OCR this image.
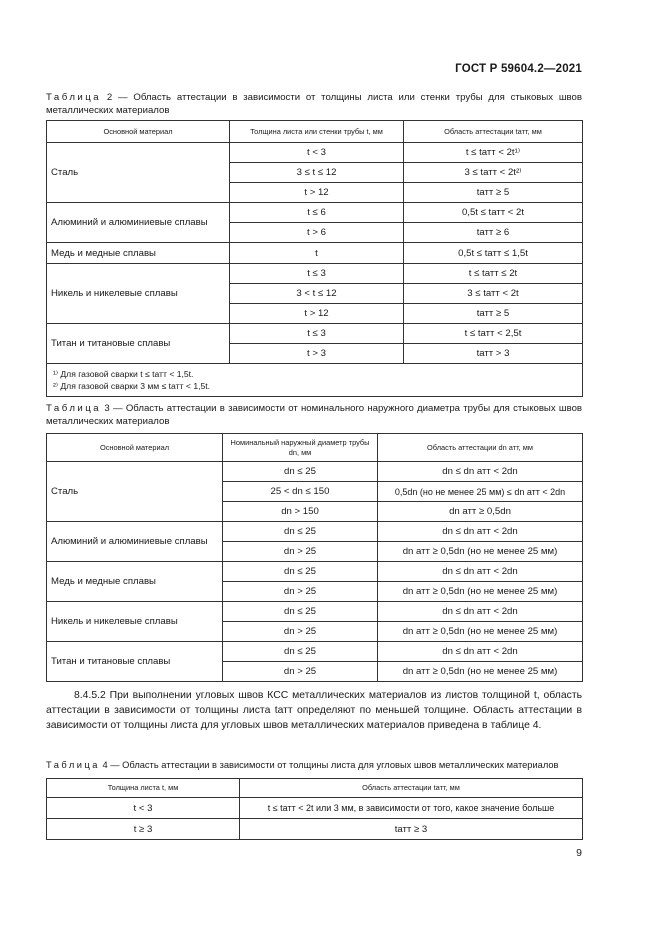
ГОСТ Р 59604.2—2021
Таблица 2 — Область аттестации в зависимости от толщины листа или стенки трубы для стыковых швов металлических материалов
Основной материал	Толщина листа или стенки трубы t, мм	Область аттестации tатт, мм
Сталь	t < 3	t ≤ tатт < 2t¹⁾
	3 ≤ t ≤ 12	3 ≤ tатт < 2t²⁾
	t > 12	tатт ≥ 5
Алюминий и алюминиевые сплавы	t ≤ 6	0,5t ≤ tатт < 2t
	t > 6	tатт ≥ 6
Медь и медные сплавы	t	0,5t ≤ tатт ≤ 1,5t
Никель и никелевые сплавы	t ≤ 3	t ≤ tатт ≤ 2t
	3 < t ≤ 12	3 ≤ tатт < 2t
	t > 12	tатт ≥ 5
Титан и титановые сплавы	t ≤ 3	t ≤ tатт < 2,5t
	t > 3	tатт > 3

¹⁾ Для газовой сварки t ≤ tатт < 1,5t.
²⁾ Для газовой сварки 3 мм ≤ tатт < 1,5t.		
Таблица 3 — Область аттестации в зависимости от номинального наружного диаметра трубы для стыковых швов металлических материалов
Основной материал	Номинальный наружный диаметр трубы dn, мм	Область аттестации dn атт, мм
Сталь	dn ≤ 25	dn ≤ dn атт < 2dn
	25 < dn ≤ 150	0,5dn (но не менее 25 мм) ≤ dn атт < 2dn
	dn > 150	dn атт ≥ 0,5dn
Алюминий и алюминиевые сплавы	dn ≤ 25	dn ≤ dn атт < 2dn
	dn > 25	dn атт ≥ 0,5dn (но не менее 25 мм)
Медь и медные сплавы	dn ≤ 25	dn ≤ dn атт < 2dn
	dn > 25	dn атт ≥ 0,5dn (но не менее 25 мм)
Никель и никелевые сплавы	dn ≤ 25	dn ≤ dn атт < 2dn
	dn > 25	dn атт ≥ 0,5dn (но не менее 25 мм)
Титан и титановые сплавы	dn ≤ 25	dn ≤ dn атт < 2dn
	dn > 25	dn атт ≥ 0,5dn (но не менее 25 мм)
8.4.5.2 При выполнении угловых швов КСС металлических материалов из листов толщиной t, область аттестации в зависимости от толщины листа tатт определяют по меньшей толщине. Область аттестации в зависимости от толщины листа для угловых швов металлических материалов приведена в таблице 4.
Таблица 4 — Область аттестации в зависимости от толщины листа для угловых швов металлических материалов
Толщина листа t, мм	Область аттестации tатт, мм
t < 3	t ≤ tатт < 2t или 3 мм, в зависимости от того, какое значение больше
t ≥ 3	tатт ≥ 3
9
